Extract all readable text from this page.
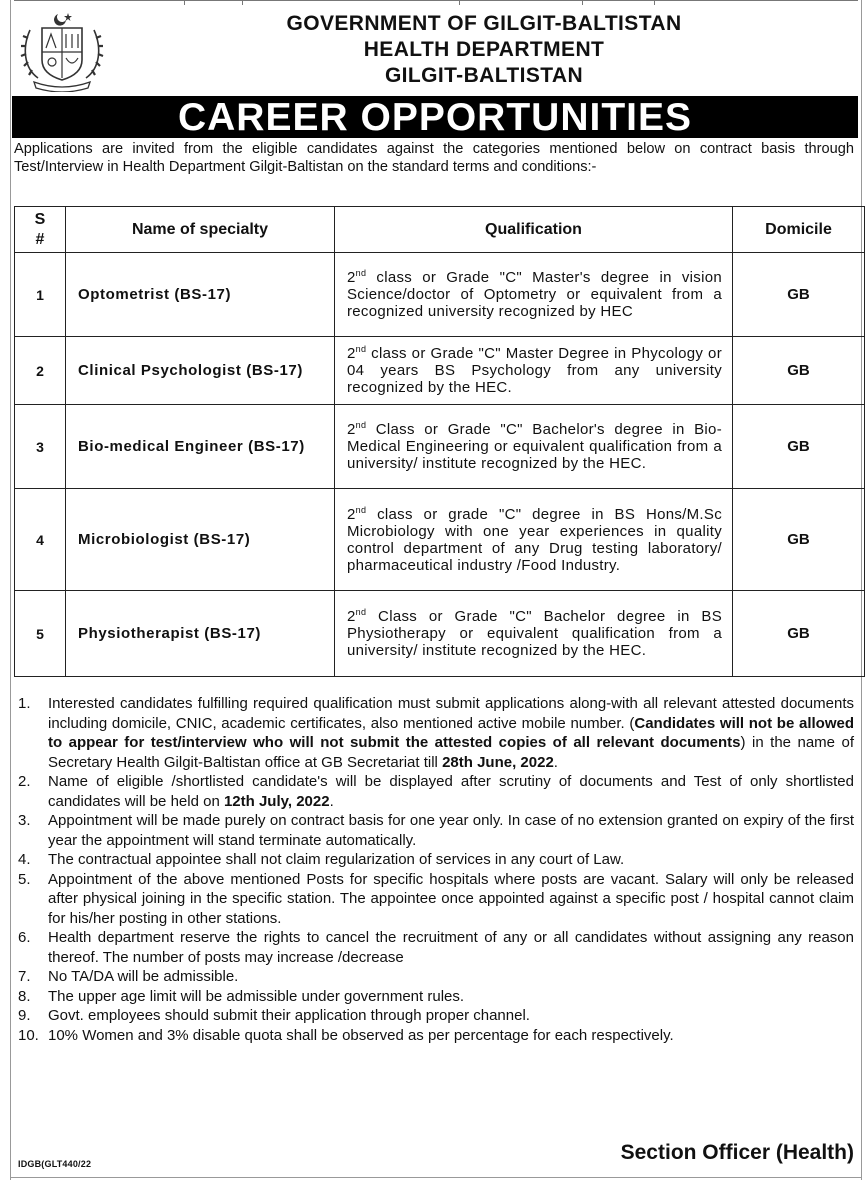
GOVERNMENT OF GILGIT-BALTISTAN
HEALTH DEPARTMENT
GILGIT-BALTISTAN
CAREER OPPORTUNITIES
Applications are invited from the eligible candidates against the categories mentioned below on contract basis through Test/Interview in Health Department Gilgit-Baltistan on the standard terms and conditions:-
S
#	Name of specialty	Qualification	Domicile
1	Optometrist (BS-17)	2nd class or Grade "C" Master's degree in vision Science/doctor of Optometry or equivalent from a recognized university recognized by HEC	GB
2	Clinical Psychologist (BS-17)	2nd class or Grade "C" Master Degree in Phycology or 04 years BS Psychology from any university recognized by the HEC.	GB
3	Bio-medical Engineer (BS-17)	2nd Class or Grade "C" Bachelor's degree in Bio-Medical Engineering or equivalent qualification from a university/ institute recognized by the HEC.	GB
4	Microbiologist (BS-17)	2nd class or grade "C" degree in BS Hons/M.Sc Microbiology with one year experiences in quality control department of any Drug testing laboratory/ pharmaceutical industry /Food Industry.	GB
5	Physiotherapist (BS-17)	2nd Class or Grade "C" Bachelor degree in BS Physiotherapy or equivalent qualification from a university/ institute recognized by the HEC.	GB
1. Interested candidates fulfilling required qualification must submit applications along-with all relevant attested documents including domicile, CNIC, academic certificates, also mentioned active mobile number. (Candidates will not be allowed to appear for test/interview who will not submit the attested copies of all relevant documents) in the name of Secretary Health Gilgit-Baltistan office at GB Secretariat till 28th June, 2022.
2. Name of eligible /shortlisted candidate's will be displayed after scrutiny of documents and Test of only shortlisted candidates will be held on 12th July, 2022.
3. Appointment will be made purely on contract basis for one year only. In case of no extension granted on expiry of the first year the appointment will stand terminate automatically.
4. The contractual appointee shall not claim regularization of services in any court of Law.
5. Appointment of the above mentioned Posts for specific hospitals where posts are vacant. Salary will only be released after physical joining in the specific station. The appointee once appointed against a specific post / hospital cannot claim for his/her posting in other stations.
6. Health department reserve the rights to cancel the recruitment of any or all candidates without assigning any reason thereof. The number of posts may increase /decrease
7. No TA/DA will be admissible.
8. The upper age limit will be admissible under government rules.
9. Govt. employees should submit their application through proper channel.
10. 10% Women and 3% disable quota shall be observed as per percentage for each respectively.
IDGB(GLT440/22	Section Officer (Health)
